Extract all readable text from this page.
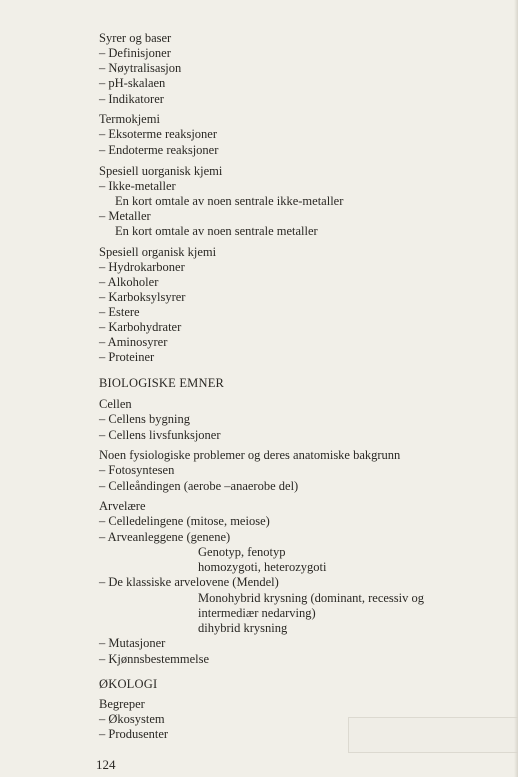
Syrer og baser

– Definisjoner

– Nøytralisasjon

– pH-skalaen

– Indikatorer

Termokjemi

– Eksoterme reaksjoner

– Endoterme reaksjoner

Spesiell uorganisk kjemi

– Ikke-metaller

En kort omtale av noen sentrale ikke-metaller

– Metaller

En kort omtale av noen sentrale metaller

Spesiell organisk kjemi

– Hydrokarboner

– Alkoholer

– Karboksylsyrer

– Estere

– Karbohydrater

– Aminosyrer

– Proteiner

BIOLOGISKE EMNER

Cellen

– Cellens bygning

– Cellens livsfunksjoner

Noen fysiologiske problemer og deres anatomiske bakgrunn

– Fotosyntesen

– Celleåndingen (aerobe –anaerobe del)

Arvelære

– Celledelingene (mitose, meiose)

– Arveanleggene (genene)

Genotyp, fenotyp

homozygoti, heterozygoti

– De klassiske arvelovene (Mendel)

Monohybrid krysning (dominant, recessiv og

intermediær nedarving)

dihybrid krysning

– Mutasjoner

– Kjønnsbestemmelse

ØKOLOGI

Begreper

– Økosystem

– Produsenter

124
